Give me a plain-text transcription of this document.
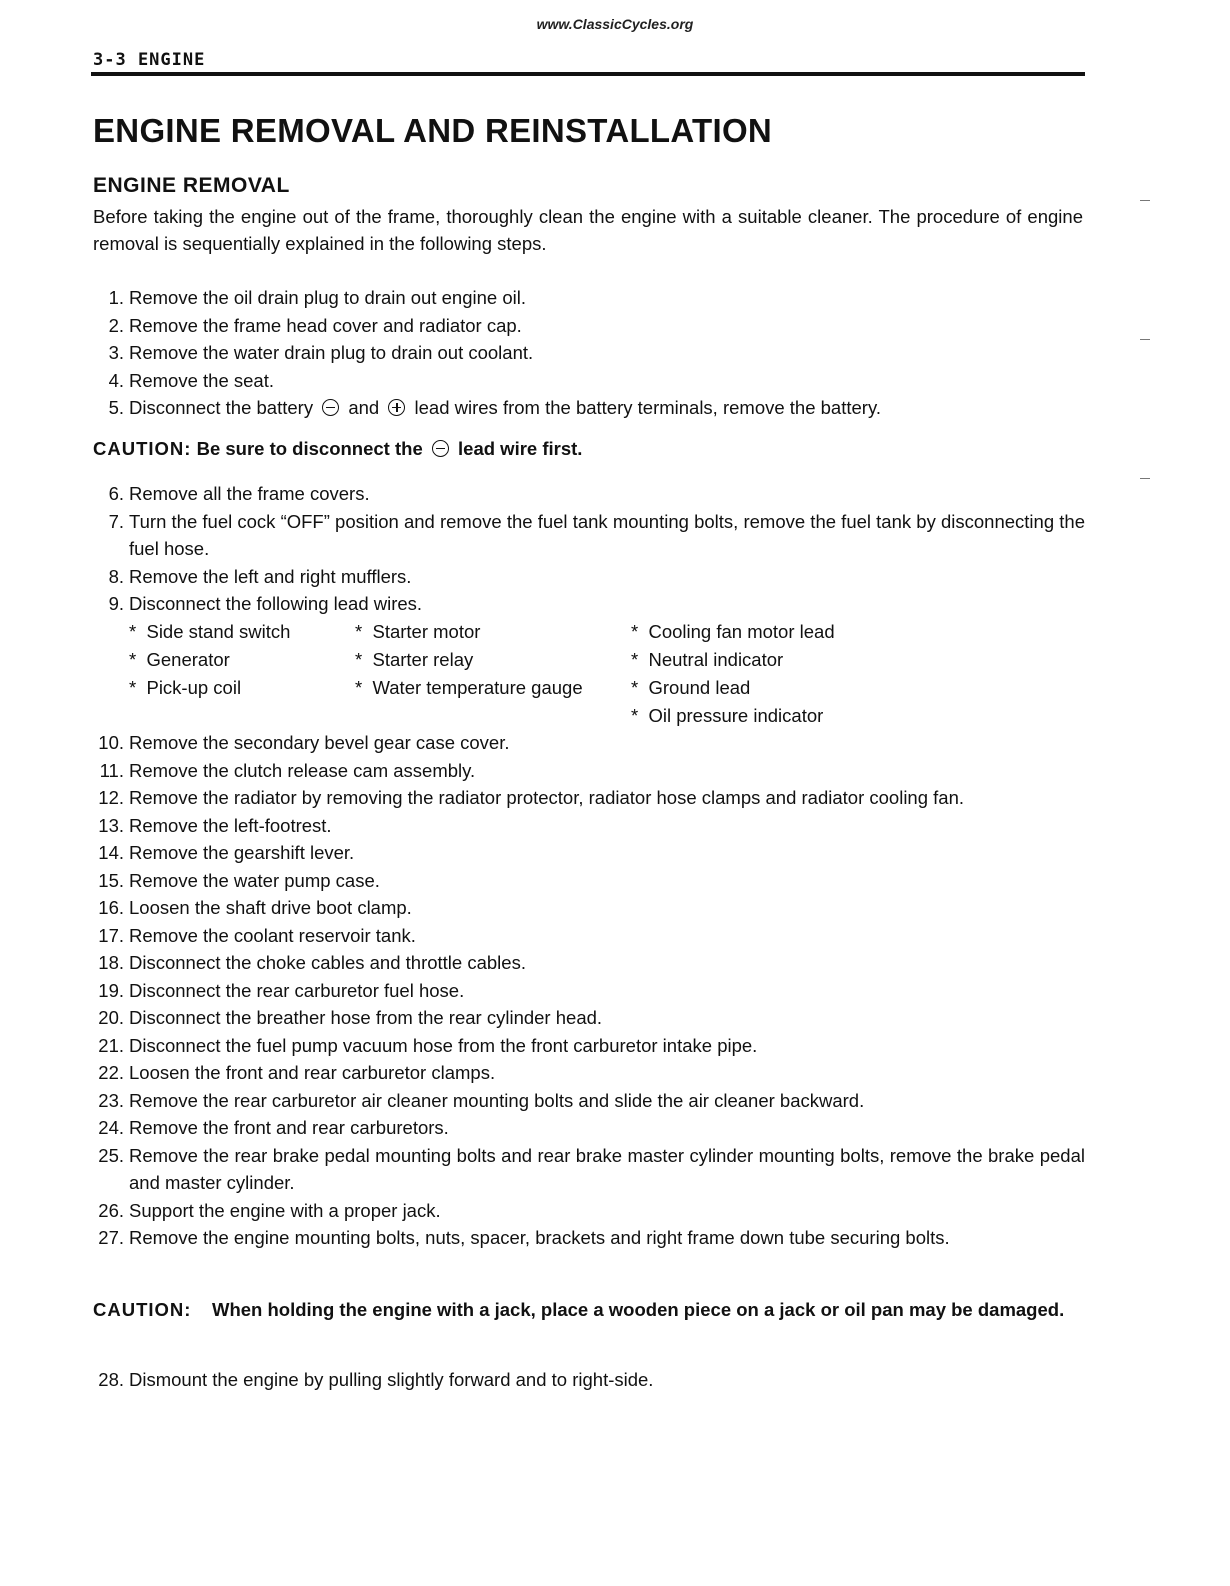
www.ClassicCycles.org
3-3 ENGINE
ENGINE REMOVAL AND REINSTALLATION
ENGINE REMOVAL

Before taking the engine out of the frame, thoroughly clean the engine with a suitable cleaner. The procedure of engine removal is sequentially explained in the following steps.

1. Remove the oil drain plug to drain out engine oil.
2. Remove the frame head cover and radiator cap.
3. Remove the water drain plug to drain out coolant.
4. Remove the seat.
5. Disconnect the battery and lead wires from the battery terminals, remove the battery.
CAUTION: Be sure to disconnect the lead wire first.
6. Remove all the frame covers.
7. Turn the fuel cock “OFF” position and remove the fuel tank mounting bolts, remove the fuel tank by disconnecting the fuel hose.
8. Remove the left and right mufflers.
9. Disconnect the following lead wires.
* Side stand switch
* Generator
* Pick-up coil
* Starter motor
* Starter relay
* Water temperature gauge
* Cooling fan motor lead
* Neutral indicator
* Ground lead
* Oil pressure indicator
10. Remove the secondary bevel gear case cover.
11. Remove the clutch release cam assembly.
12. Remove the radiator by removing the radiator protector, radiator hose clamps and radiator cooling fan.
13. Remove the left-footrest.
14. Remove the gearshift lever.
15. Remove the water pump case.
16. Loosen the shaft drive boot clamp.
17. Remove the coolant reservoir tank.
18. Disconnect the choke cables and throttle cables.
19. Disconnect the rear carburetor fuel hose.
20. Disconnect the breather hose from the rear cylinder head.
21. Disconnect the fuel pump vacuum hose from the front carburetor intake pipe.
22. Loosen the front and rear carburetor clamps.
23. Remove the rear carburetor air cleaner mounting bolts and slide the air cleaner backward.
24. Remove the front and rear carburetors.
25. Remove the rear brake pedal mounting bolts and rear brake master cylinder mounting bolts, remove the brake pedal and master cylinder.
26. Support the engine with a proper jack.
27. Remove the engine mounting bolts, nuts, spacer, brackets and right frame down tube securing bolts.
CAUTION:	When holding the engine with a jack, place a wooden piece on a jack or oil pan may be damaged.
28. Dismount the engine by pulling slightly forward and to right-side.
